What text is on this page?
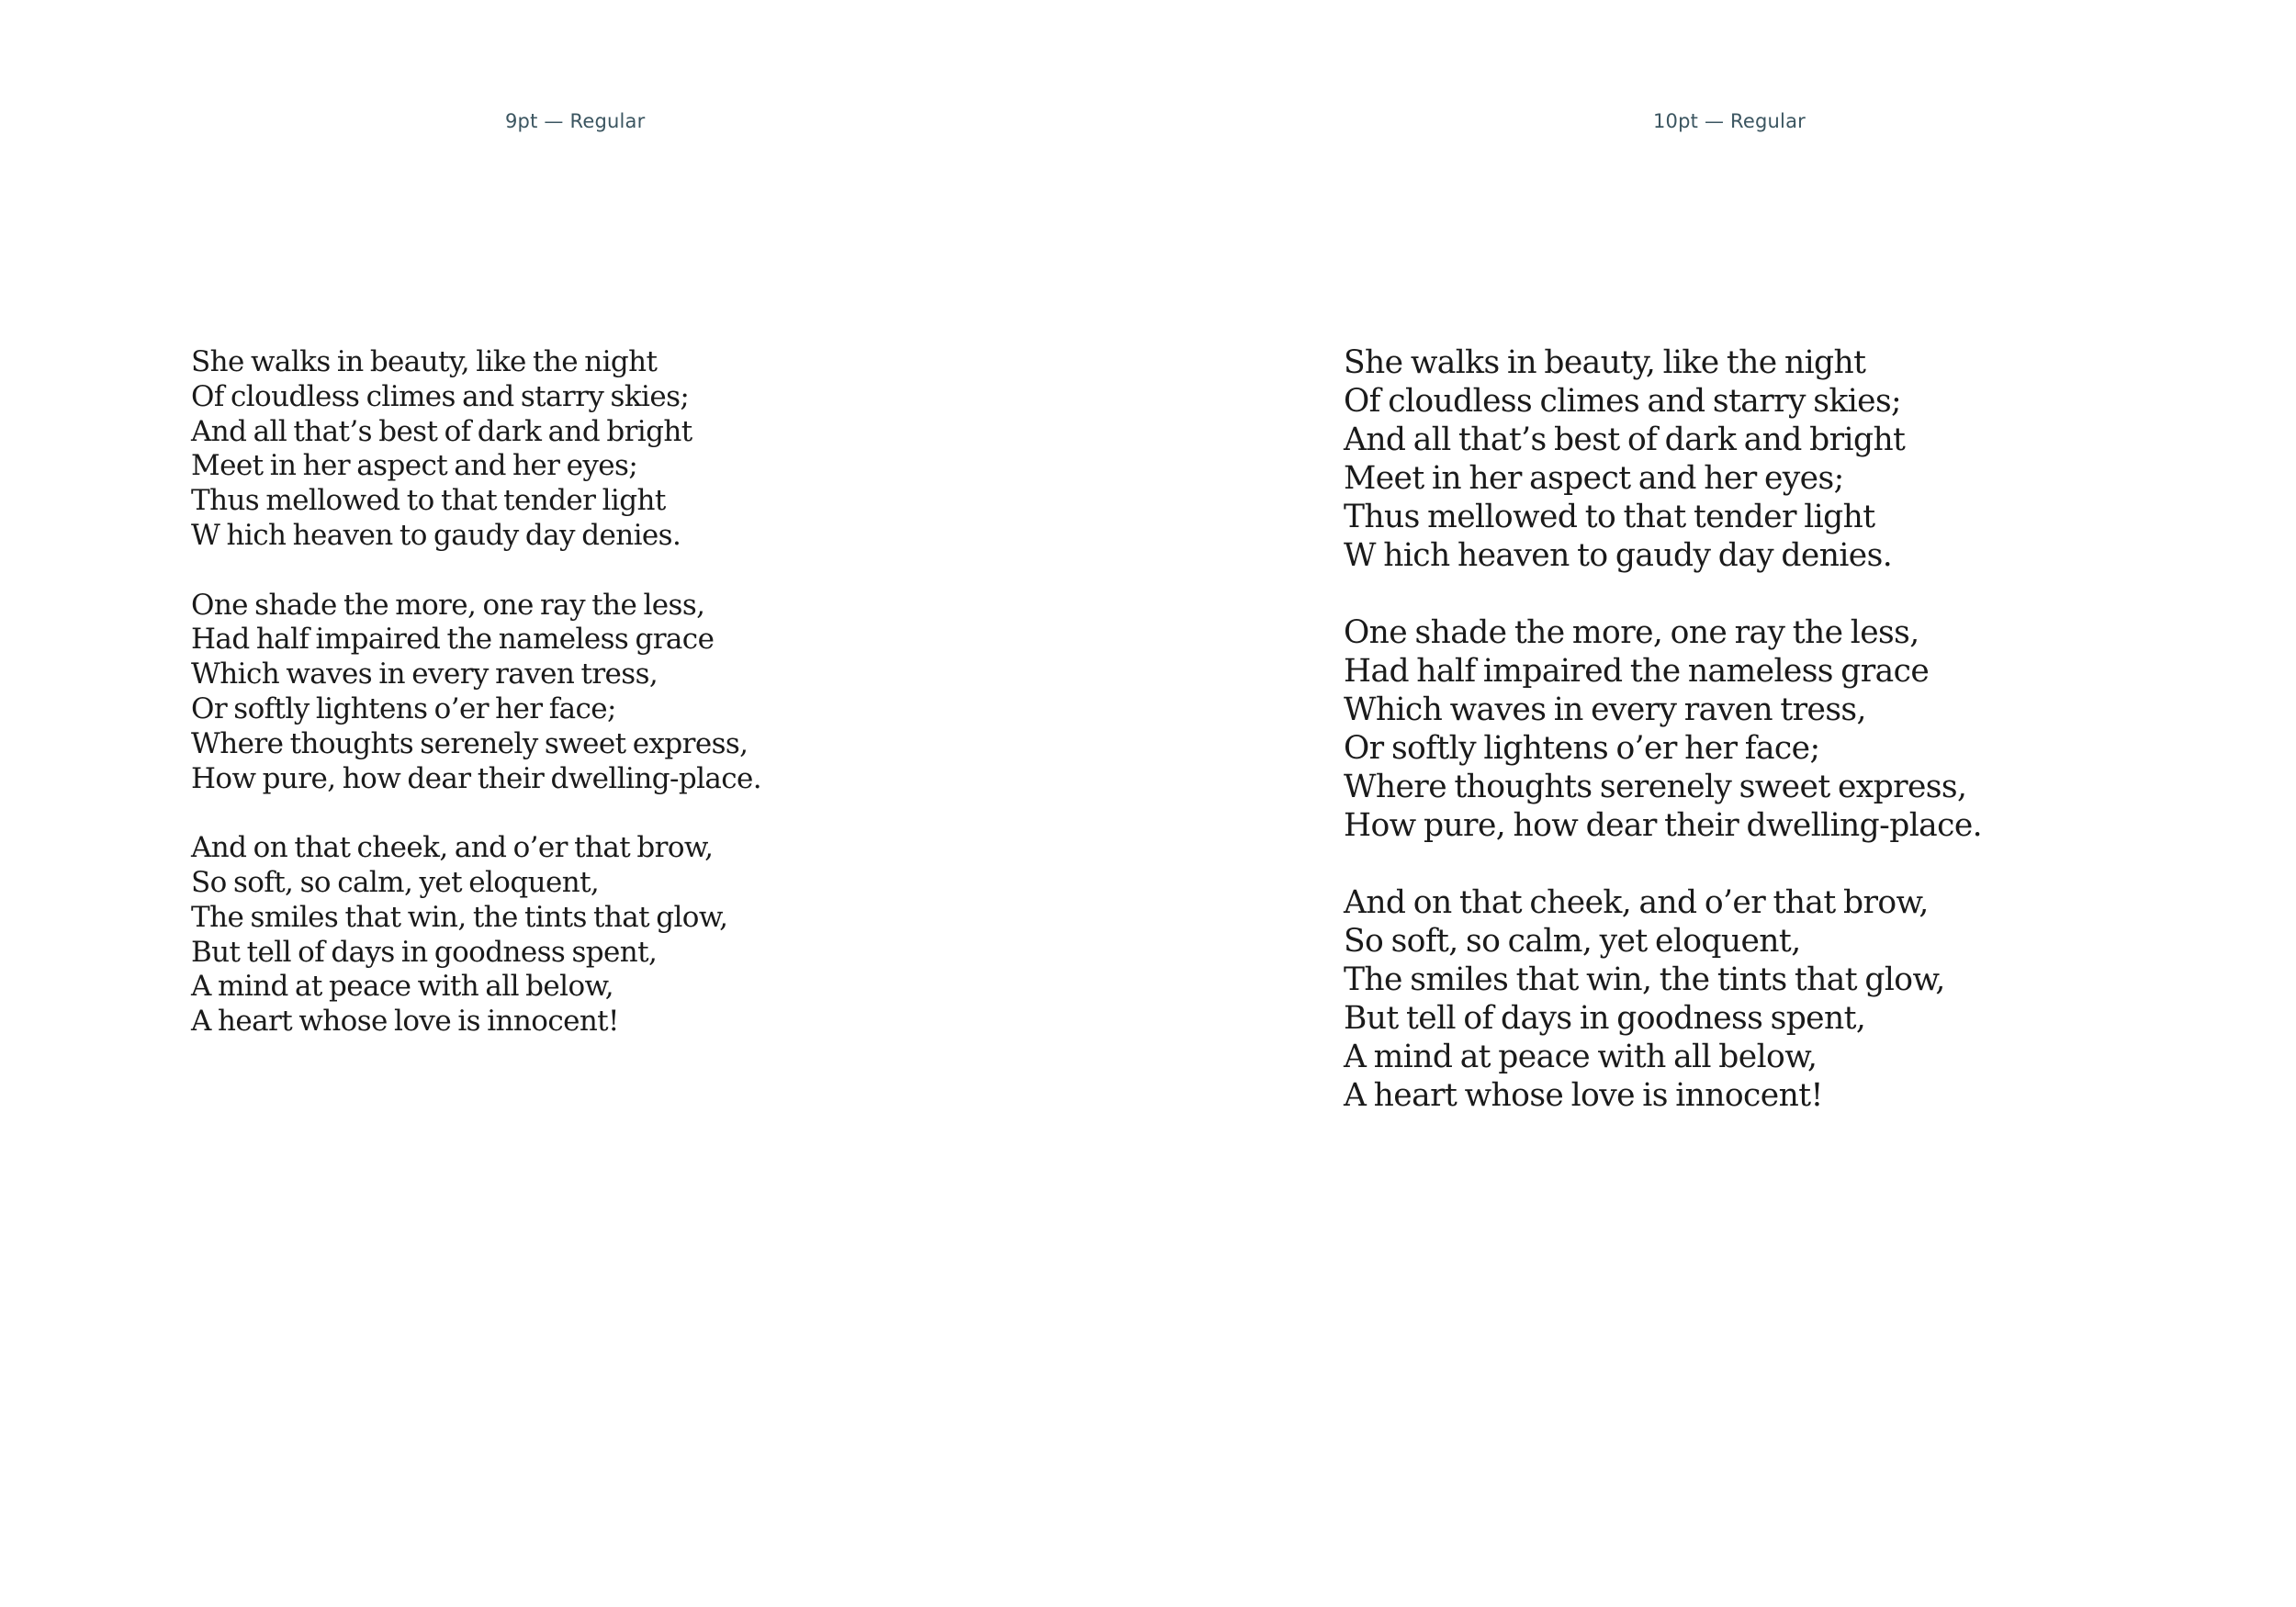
9pt — Regular
She walks in beauty, like the night
Of cloudless climes and starry skies;
And all that’s best of dark and bright
Meet in her aspect and her eyes;
Thus mellowed to that tender light
W hich heaven to gaudy day denies.
One shade the more, one ray the less,
Had half impaired the nameless grace
Which waves in every raven tress,
Or softly lightens o’er her face;
Where thoughts serenely sweet express,
How pure, how dear their dwelling-place.
And on that cheek, and o’er that brow,
So soft, so calm, yet eloquent,
The smiles that win, the tints that glow,
But tell of days in goodness spent,
A mind at peace with all below,
A heart whose love is innocent!
10pt — Regular
She walks in beauty, like the night
Of cloudless climes and starry skies;
And all that’s best of dark and bright
Meet in her aspect and her eyes;
Thus mellowed to that tender light
W hich heaven to gaudy day denies.
One shade the more, one ray the less,
Had half impaired the nameless grace
Which waves in every raven tress,
Or softly lightens o’er her face;
Where thoughts serenely sweet express,
How pure, how dear their dwelling-place.
And on that cheek, and o’er that brow,
So soft, so calm, yet eloquent,
The smiles that win, the tints that glow,
But tell of days in goodness spent,
A mind at peace with all below,
A heart whose love is innocent!
